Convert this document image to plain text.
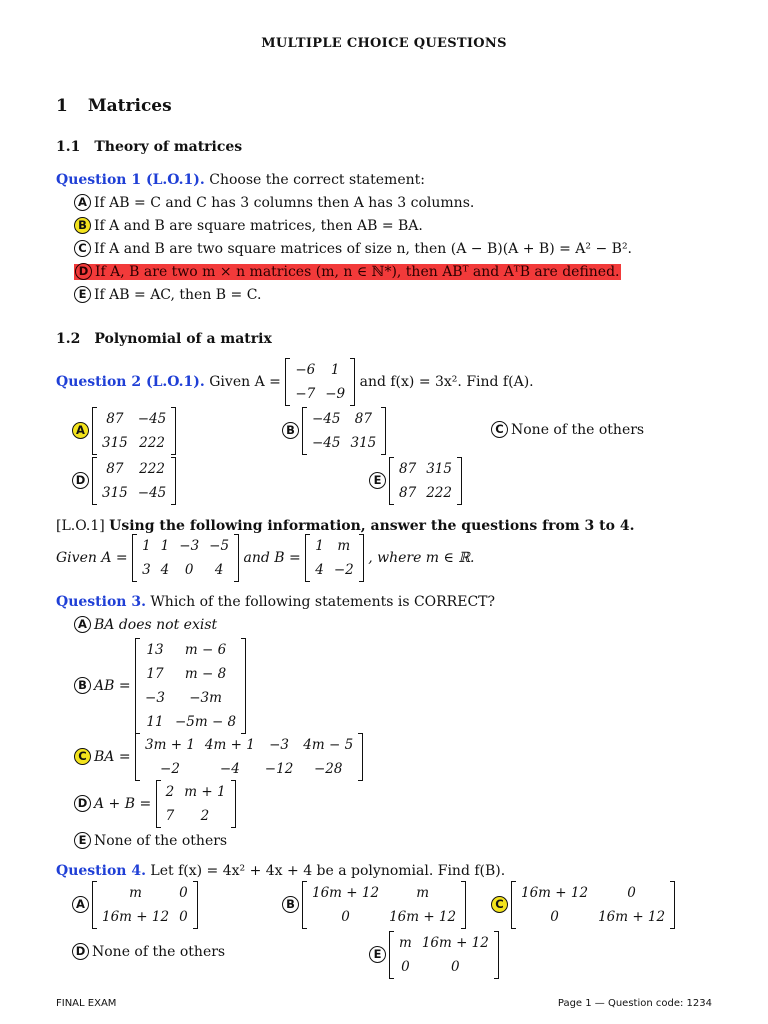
MULTIPLE CHOICE QUESTIONS
1 Matrices
1.1 Theory of matrices
Question 1 (L.O.1). Choose the correct statement:
A If AB = C and C has 3 columns then A has 3 columns.
B If A and B are square matrices, then AB = BA.
C If A and B are two square matrices of size n, then (A − B)(A + B) = A² − B².
D If A, B are two m × n matrices (m, n ∈ ℕ*), then ABᵀ and AᵀB are defined.
E If AB = AC, then B = C.
1.2 Polynomial of a matrix
Question 2 (L.O.1). Given A =
−6	1
−7	−9
and f(x) = 3x². Find f(A).
A
87	−45
315	222
B
−45	87
−45	315
C None of the others
D
87	222
315	−45
E
87	315
87	222
[L.O.1] Using the following information, answer the questions from 3 to 4.
Given A =
1	1	−3	−5
3	4	0	4
and B =
1	m
4	−2
, where m ∈ ℝ.
Question 3. Which of the following statements is CORRECT?
A BA does not exist
B AB =
13	m − 6
17	m − 8
−3	−3m
11	−5m − 8
C BA =
3m + 1	4m + 1	−3	4m − 5
−2	−4	−12	−28
D A + B =
2	m + 1
7	2
E None of the others
Question 4. Let f(x) = 4x² + 4x + 4 be a polynomial. Find f(B).
A
m	0
16m + 12	0
B
16m + 12	m
0	16m + 12
C
16m + 12	0
0	16m + 12
D None of the others	E
m	16m + 12
0	0
FINAL EXAM	Page 1 — Question code: 1234
